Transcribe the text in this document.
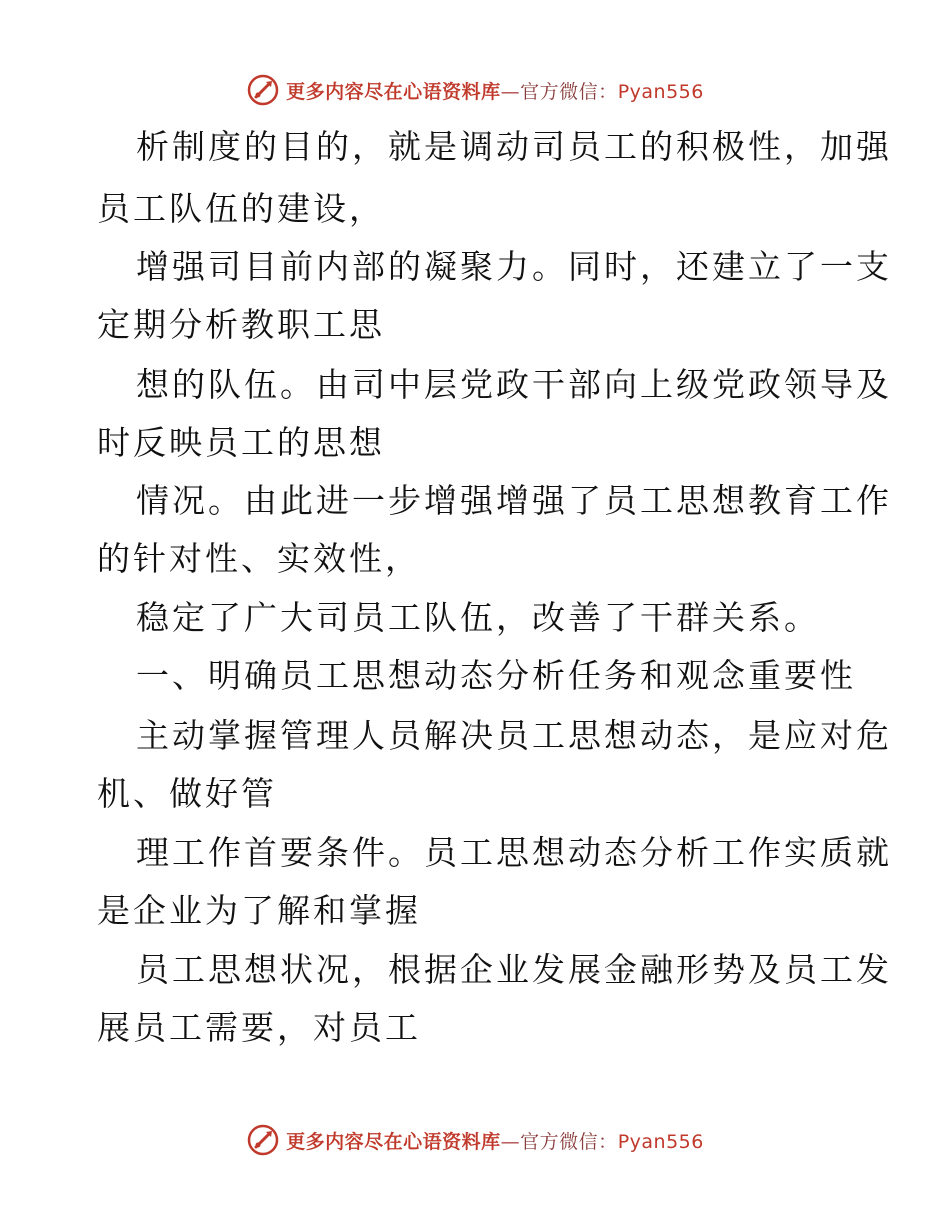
更多内容尽在心语资料库—官方微信：Pyan556
析制度的目的，就是调动司员工的积极性，加强
员工队伍的建设，
增强司目前内部的凝聚力。同时，还建立了一支
定期分析教职工思
想的队伍。由司中层党政干部向上级党政领导及
时反映员工的思想
情况。由此进一步增强增强了员工思想教育工作
的针对性、实效性，
稳定了广大司员工队伍，改善了干群关系。
一、明确员工思想动态分析任务和观念重要性
主动掌握管理人员解决员工思想动态，是应对危
机、做好管
理工作首要条件。员工思想动态分析工作实质就
是企业为了解和掌握
员工思想状况，根据企业发展金融形势及员工发
展员工需要，对员工
更多内容尽在心语资料库—官方微信：Pyan556
